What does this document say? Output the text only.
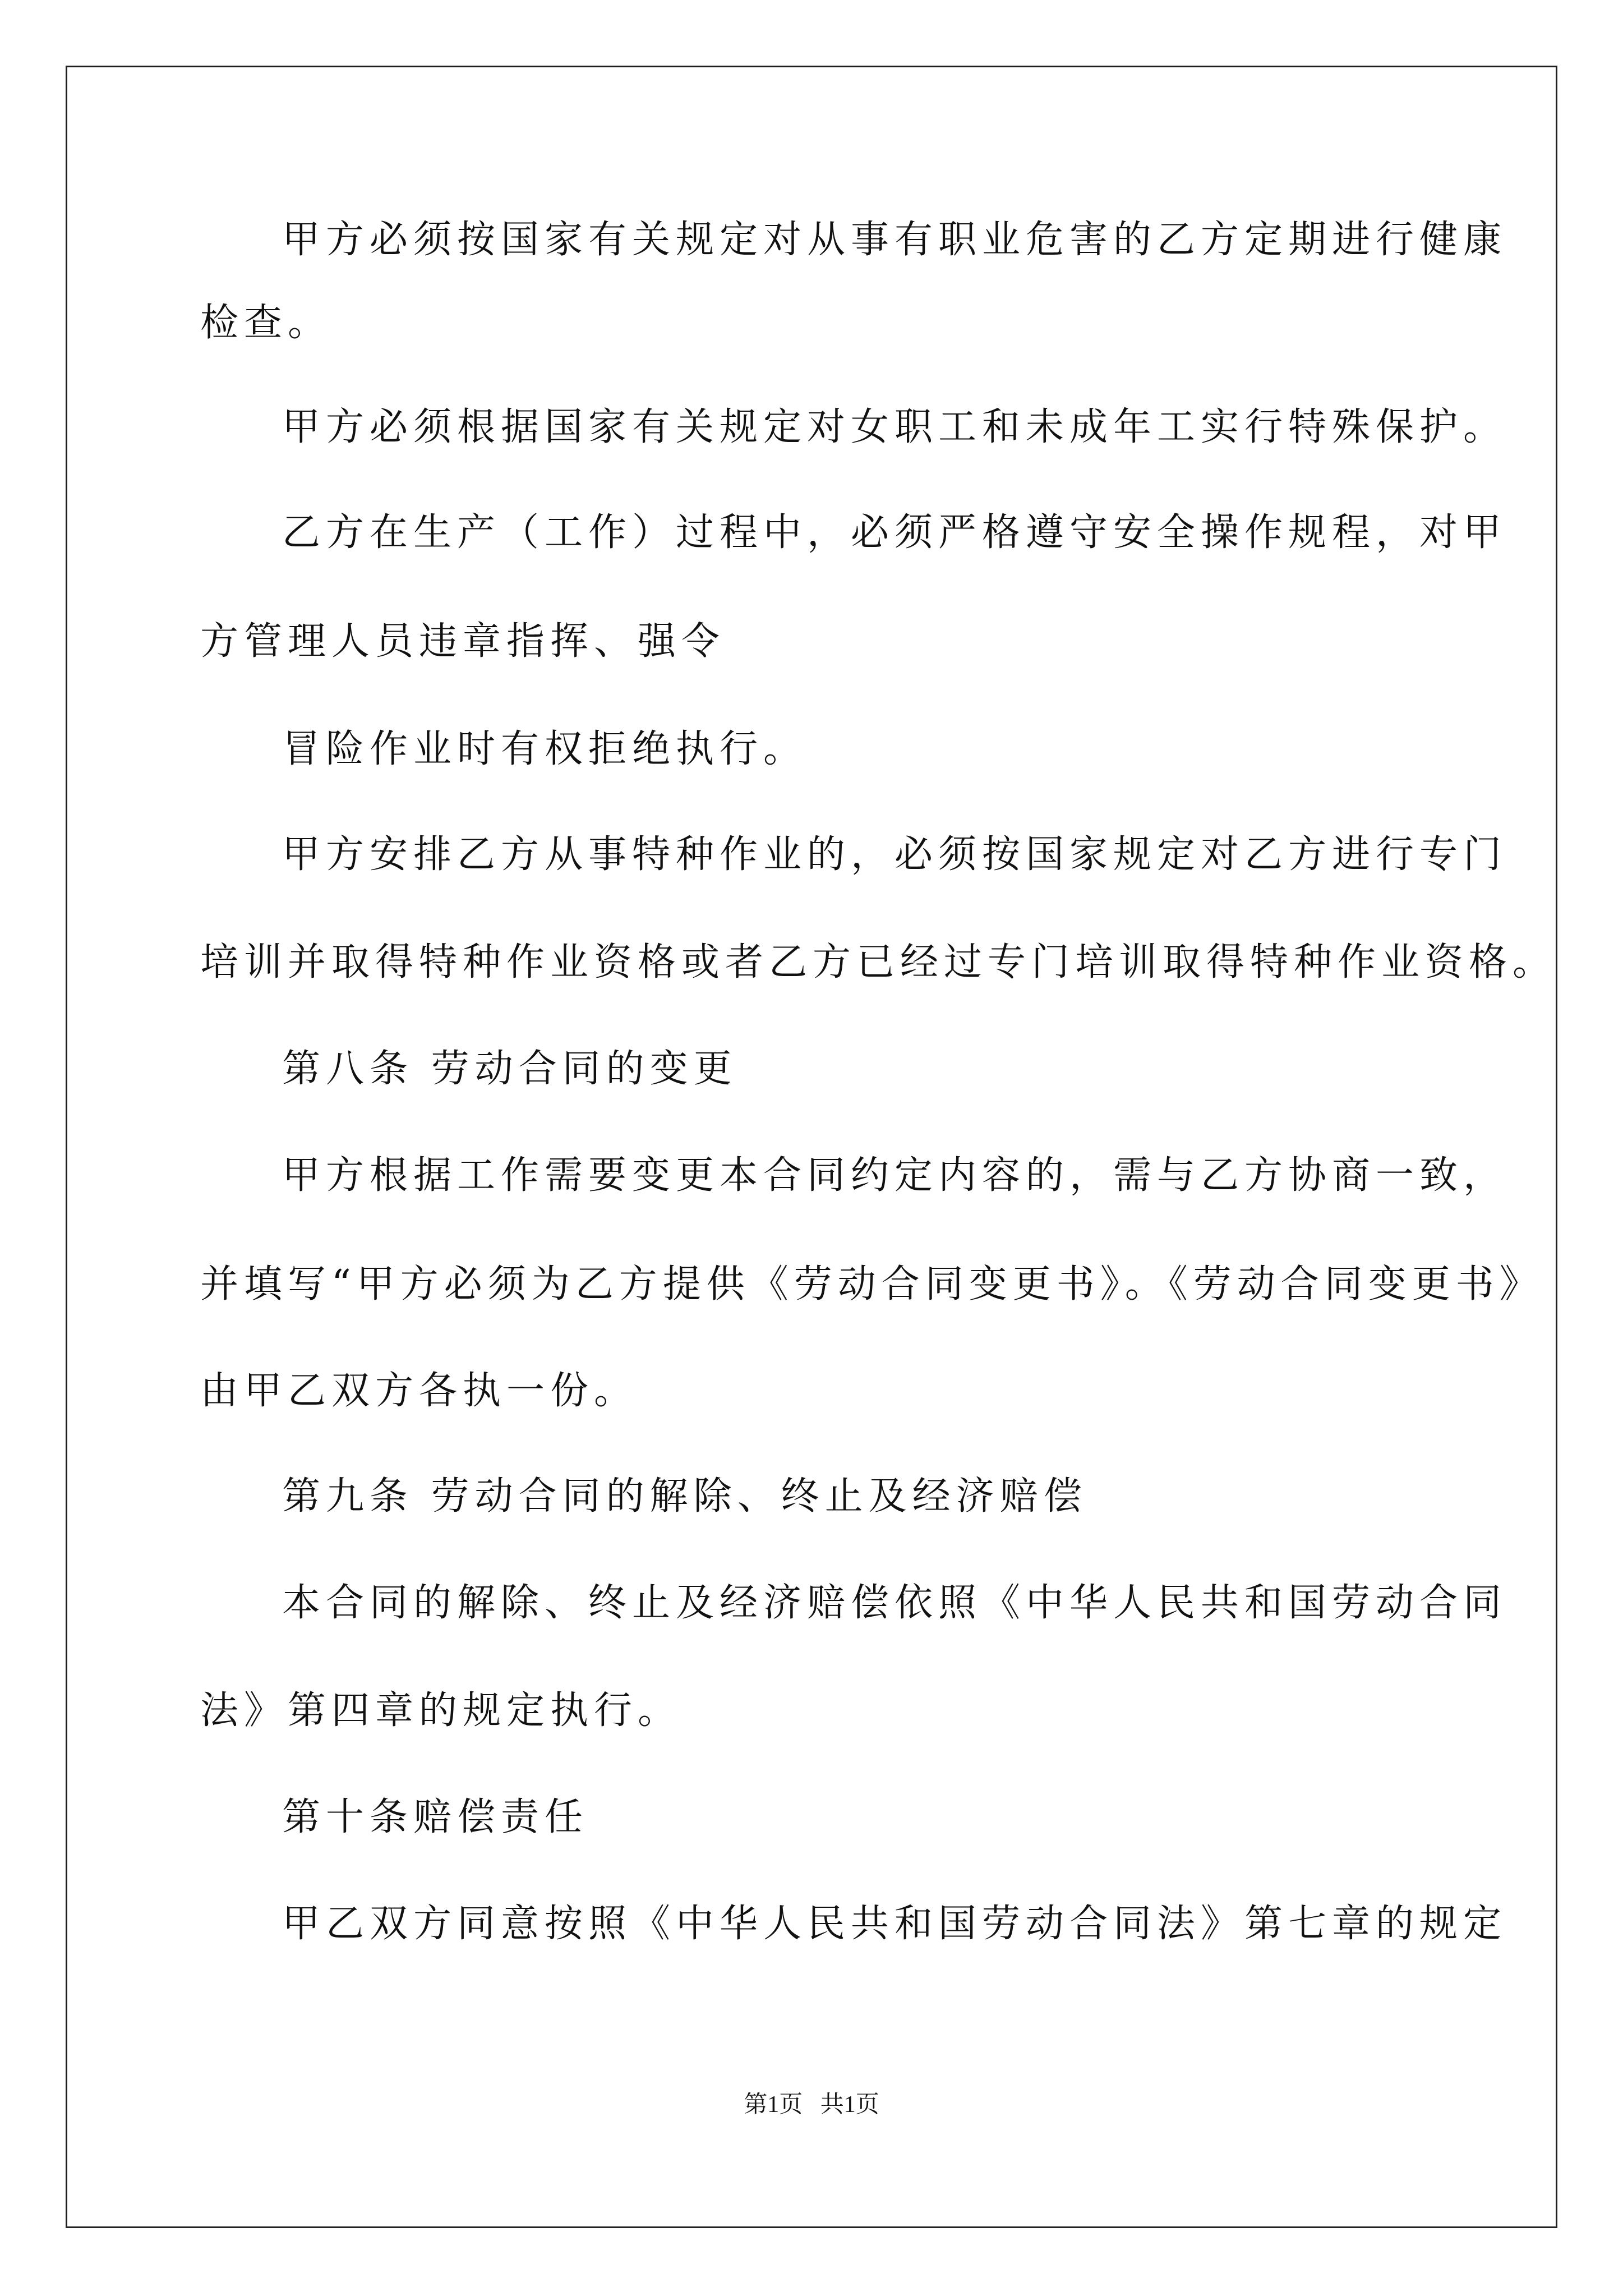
甲方必须按国家有关规定对从事有职业危害的乙方定期进行健康
检查。
甲方必须根据国家有关规定对女职工和未成年工实行特殊保护。
乙方在生产（工作）过程中，必须严格遵守安全操作规程，对甲
方管理人员违章指挥、强令
冒险作业时有权拒绝执行。
甲方安排乙方从事特种作业的，必须按国家规定对乙方进行专门
培训并取得特种作业资格或者乙方已经过专门培训取得特种作业资格。
第八条 劳动合同的变更
甲方根据工作需要变更本合同约定内容的，需与乙方协商一致，
并填写“甲方必须为乙方提供《劳动合同变更书》。《劳动合同变更书》
由甲乙双方各执一份。
第九条 劳动合同的解除、终止及经济赔偿
本合同的解除、终止及经济赔偿依照《中华人民共和国劳动合同
法》第四章的规定执行。
第十条赔偿责任
甲乙双方同意按照《中华人民共和国劳动合同法》第七章的规定
第1页   共1页
